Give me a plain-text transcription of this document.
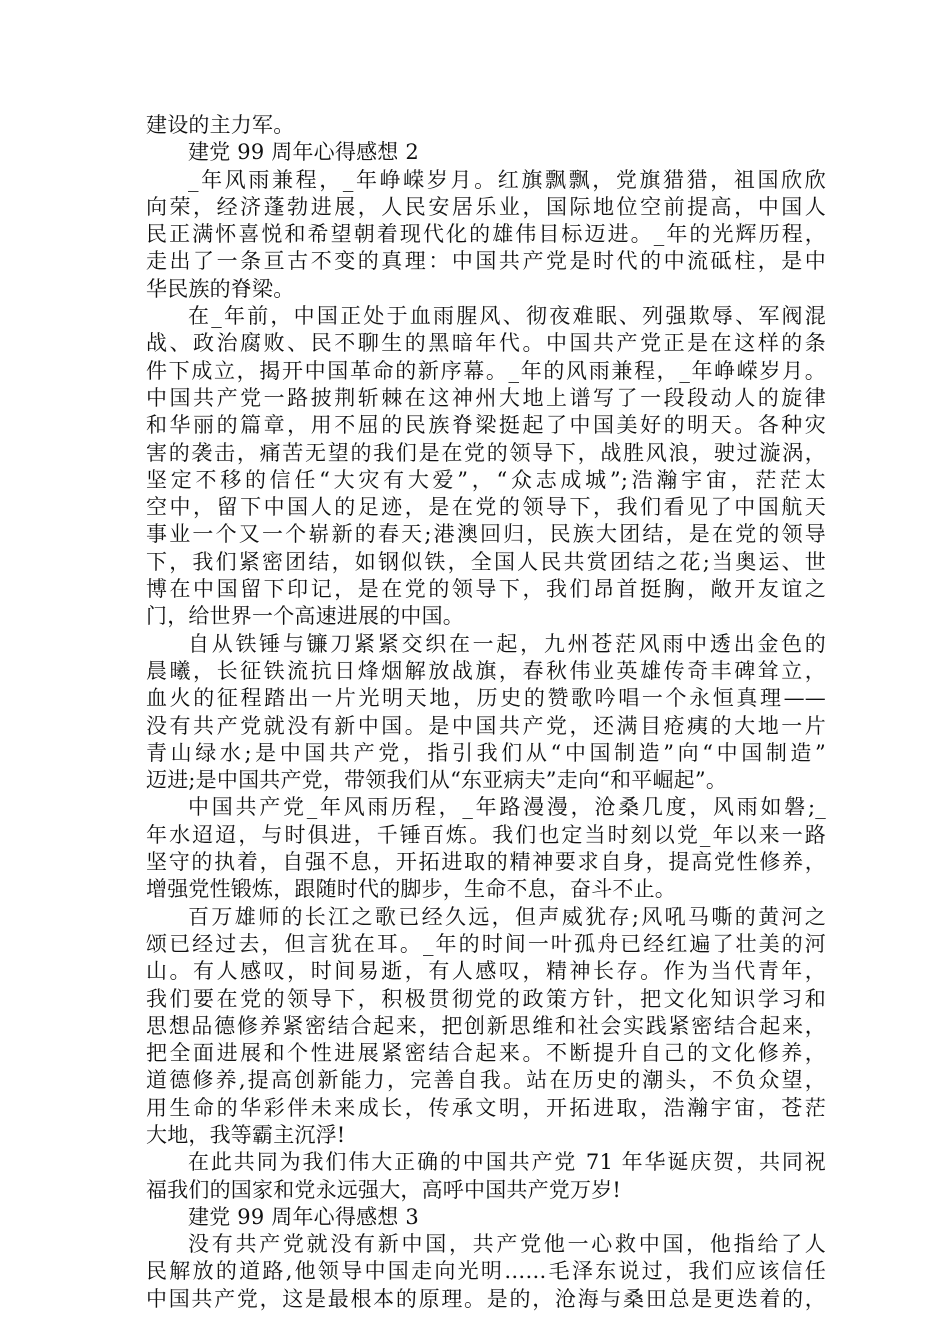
建设的主力军。
建党 99 周年心得感想 2
_年风雨兼程，_年峥嵘岁月。红旗飘飘，党旗猎猎，祖国欣欣
向荣，经济蓬勃进展，人民安居乐业，国际地位空前提高，中国人
民正满怀喜悦和希望朝着现代化的雄伟目标迈进。_年的光辉历程，
走出了一条亘古不变的真理：中国共产党是时代的中流砥柱，是中
华民族的脊梁。
在_年前，中国正处于血雨腥风、彻夜难眠、列强欺辱、军阀混
战、政治腐败、民不聊生的黑暗年代。中国共产党正是在这样的条
件下成立，揭开中国革命的新序幕。_年的风雨兼程，_年峥嵘岁月。
中国共产党一路披荆斩棘在这神州大地上谱写了一段段动人的旋律
和华丽的篇章，用不屈的民族脊梁挺起了中国美好的明天。各种灾
害的袭击，痛苦无望的我们是在党的领导下，战胜风浪，驶过漩涡，
坚定不移的信任“大灾有大爱”，“众志成城”;浩瀚宇宙，茫茫太
空中，留下中国人的足迹，是在党的领导下，我们看见了中国航天
事业一个又一个崭新的春天;港澳回归，民族大团结，是在党的领导
下，我们紧密团结，如钢似铁，全国人民共赏团结之花;当奥运、世
博在中国留下印记，是在党的领导下，我们昂首挺胸，敞开友谊之
门，给世界一个高速进展的中国。
自从铁锤与镰刀紧紧交织在一起，九州苍茫风雨中透出金色的
晨曦，长征铁流抗日烽烟解放战旗，春秋伟业英雄传奇丰碑耸立，
血火的征程踏出一片光明天地，历史的赞歌吟唱一个永恒真理——
没有共产党就没有新中国。是中国共产党，还满目疮痍的大地一片
青山绿水;是中国共产党，指引我们从“中国制造”向“中国制造”
迈进;是中国共产党，带领我们从“东亚病夫”走向“和平崛起”。
中国共产党_年风雨历程，_年路漫漫，沧桑几度，风雨如磐;_
年水迢迢，与时俱进，千锤百炼。我们也定当时刻以党_年以来一路
坚守的执着，自强不息，开拓进取的精神要求自身，提高党性修养，
增强党性锻炼，跟随时代的脚步，生命不息，奋斗不止。
百万雄师的长江之歌已经久远，但声威犹存;风吼马嘶的黄河之
颂已经过去，但言犹在耳。_年的时间一叶孤舟已经红遍了壮美的河
山。有人感叹，时间易逝，有人感叹，精神长存。作为当代青年，
我们要在党的领导下，积极贯彻党的政策方针，把文化知识学习和
思想品德修养紧密结合起来，把创新思维和社会实践紧密结合起来，
把全面进展和个性进展紧密结合起来。不断提升自己的文化修养，
道德修养,提高创新能力，完善自我。站在历史的潮头，不负众望，
用生命的华彩伴未来成长，传承文明，开拓进取，浩瀚宇宙，苍茫
大地，我等霸主沉浮!
在此共同为我们伟大正确的中国共产党 71 年华诞庆贺，共同祝
福我们的国家和党永远强大，高呼中国共产党万岁!
建党 99 周年心得感想 3
没有共产党就没有新中国，共产党他一心救中国，他指给了人
民解放的道路,他领导中国走向光明……毛泽东说过，我们应该信任
中国共产党，这是最根本的原理。是的，沧海与桑田总是更迭着的，
